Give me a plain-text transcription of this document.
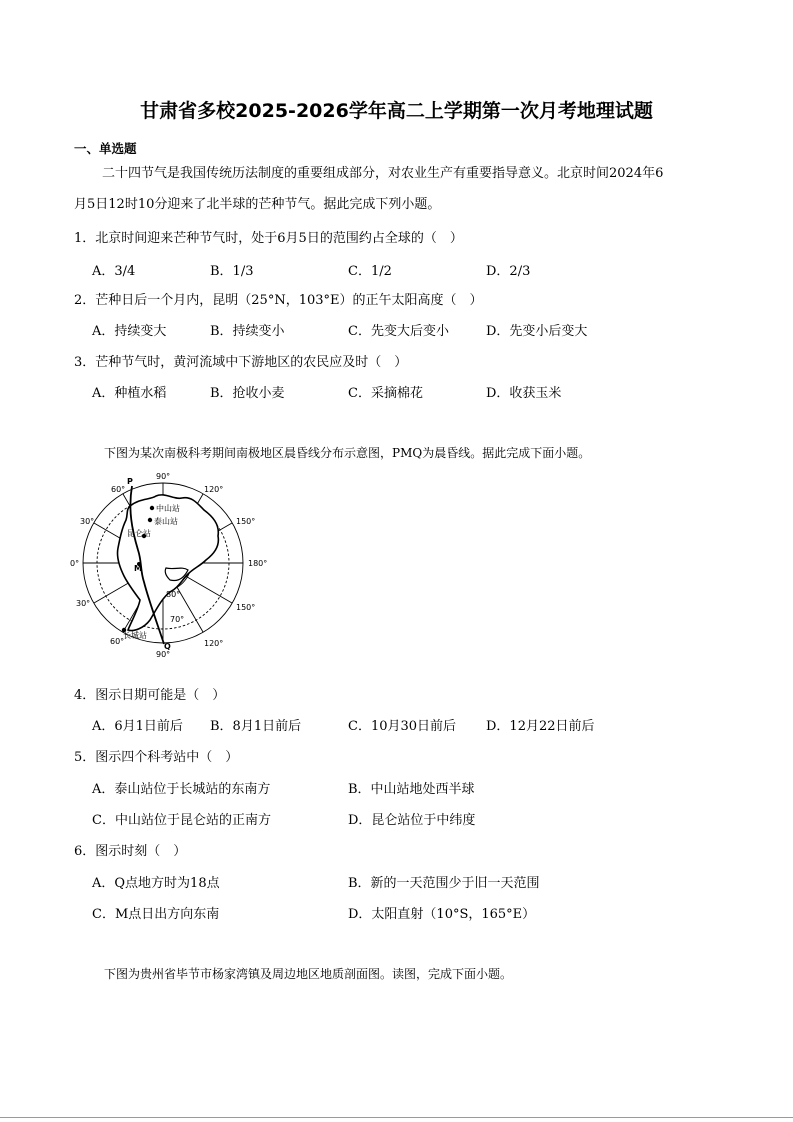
甘肃省多校2025-2026学年高二上学期第一次月考地理试题
一、单选题
二十四节气是我国传统历法制度的重要组成部分，对农业生产有重要指导意义。北京时间2024年6
月5日12时10分迎来了北半球的芒种节气。据此完成下列小题。
1．北京时间迎来芒种节气时，处于6月5日的范围约占全球的（　）
A．3/4	B．1/3	C．1/2	D．2/3
2．芒种日后一个月内，昆明（25°N，103°E）的正午太阳高度（　）
A．持续变大	B．持续变小	C．先变大后变小	D．先变小后变大
3．芒种节气时，黄河流域中下游地区的农民应及时（　）
A．种植水稻	B．抢收小麦	C．采摘棉花	D．收获玉米
下图为某次南极科考期间南极地区晨昏线分布示意图，PMQ为晨昏线。据此完成下面小题。
90°
90°
0°	180°
60°
30°
30°
60°
120°
150°
150°
120°
P
M
Q
80°
70°
中山站
泰山站
昆仑站
长城站
4．图示日期可能是（　）
A．6月1日前后 B．8月1日前后	C．10月30日前后 D．12月22日前后
5．图示四个科考站中（　）
A．泰山站位于长城站的东南方	B．中山站地处西半球
C．中山站位于昆仑站的正南方	D．昆仑站位于中纬度
6．图示时刻（　）
A．Q点地方时为18点	B．新的一天范围少于旧一天范围
C．M点日出方向东南	D．太阳直射（10°S，165°E）
下图为贵州省毕节市杨家湾镇及周边地区地质剖面图。读图，完成下面小题。
